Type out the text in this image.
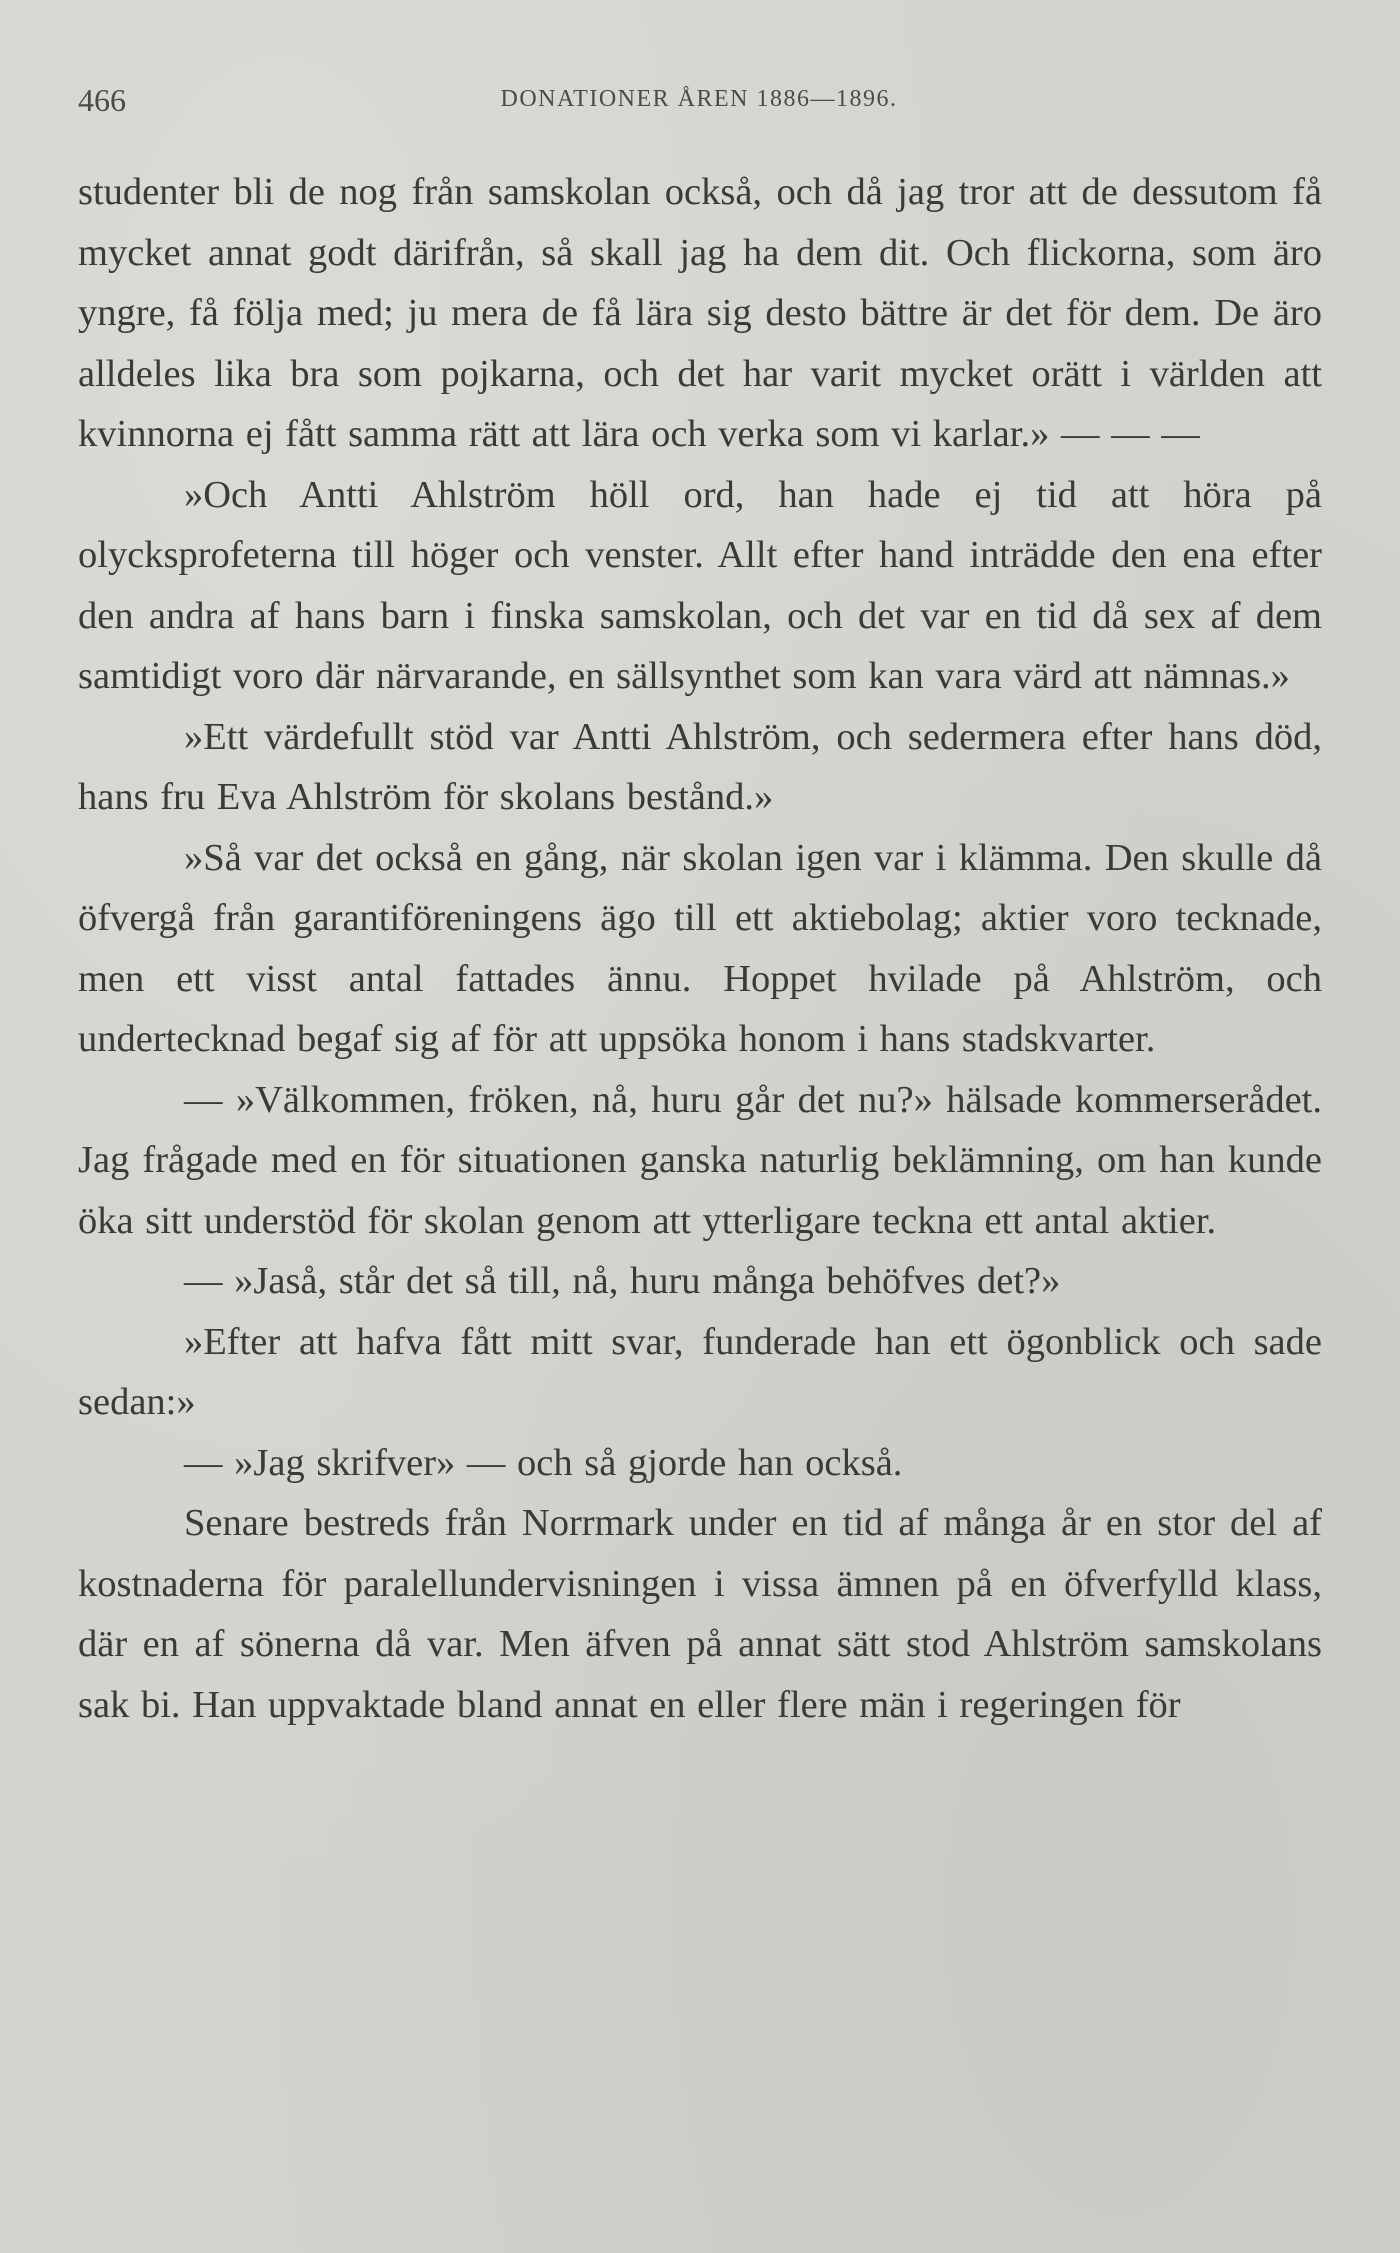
466	DONATIONER ÅREN 1886—1896.

studenter bli de nog från samskolan också, och då jag tror att de dessutom få mycket annat godt därifrån, så skall jag ha dem dit. Och flickorna, som äro yngre, få följa med; ju mera de få lära sig desto bättre är det för dem. De äro alldeles lika bra som pojkarna, och det har varit mycket orätt i världen att kvinnorna ej fått samma rätt att lära och verka som vi karlar.» — — —

»Och Antti Ahlström höll ord, han hade ej tid att höra på olycksprofeterna till höger och venster. Allt efter hand inträdde den ena efter den andra af hans barn i finska samskolan, och det var en tid då sex af dem samtidigt voro där närvarande, en sällsynthet som kan vara värd att nämnas.»

»Ett värdefullt stöd var Antti Ahlström, och sedermera efter hans död, hans fru Eva Ahlström för skolans bestånd.»

»Så var det också en gång, när skolan igen var i klämma. Den skulle då öfvergå från garantiföreningens ägo till ett aktiebolag; aktier voro tecknade, men ett visst antal fattades ännu. Hoppet hvilade på Ahlström, och undertecknad begaf sig af för att uppsöka honom i hans stadskvarter.

— »Välkommen, fröken, nå, huru går det nu?» hälsade kommerserådet. Jag frågade med en för situationen ganska naturlig beklämning, om han kunde öka sitt understöd för skolan genom att ytterligare teckna ett antal aktier.

— »Jaså, står det så till, nå, huru många behöfves det?»

»Efter att hafva fått mitt svar, funderade han ett ögonblick och sade sedan:»

— »Jag skrifver» — och så gjorde han också.

Senare bestreds från Norrmark under en tid af många år en stor del af kostnaderna för paralellundervisningen i vissa ämnen på en öfverfylld klass, där en af sönerna då var. Men äfven på annat sätt stod Ahlström samskolans sak bi. Han uppvaktade bland annat en eller flere män i regeringen för
